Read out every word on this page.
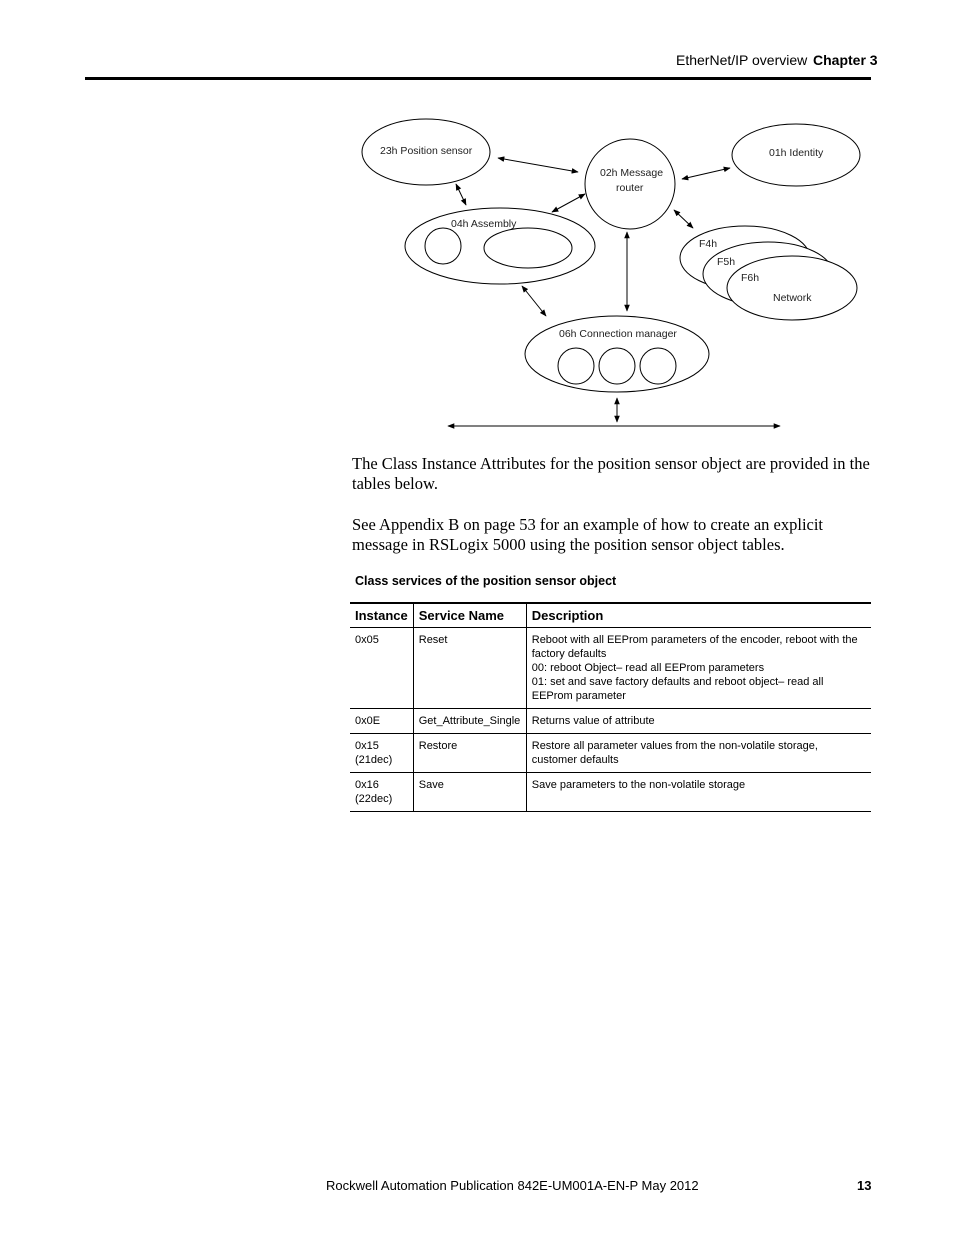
EtherNet/IP overview Chapter 3
23h Position sensor
02h Message
router
01h Identity
04h Assembly
F4h
F5h
F6h
Network
06h Connection manager

The Class Instance Attributes for the position sensor object are provided in the tables below.

See Appendix B on page 53 for an example of how to create an explicit message in RSLogix 5000 using the position sensor object tables.

Class services of the position sensor object
Instance	Service Name	Description
0x05	Reset	Reboot with all EEProm parameters of the encoder, reboot with the factory defaults
00: reboot Object– read all EEProm parameters
01: set and save factory defaults and reboot object– read all EEProm parameter

0x0E	Get_Attribute_Single	Returns value of attribute

0x15 (21dec)	Restore	Restore all parameter values from the non-volatile storage, customer defaults

0x16 (22dec)	Save	Save parameters to the non-volatile storage
Rockwell Automation Publication 842E-UM001A-EN-P May 2012	13
